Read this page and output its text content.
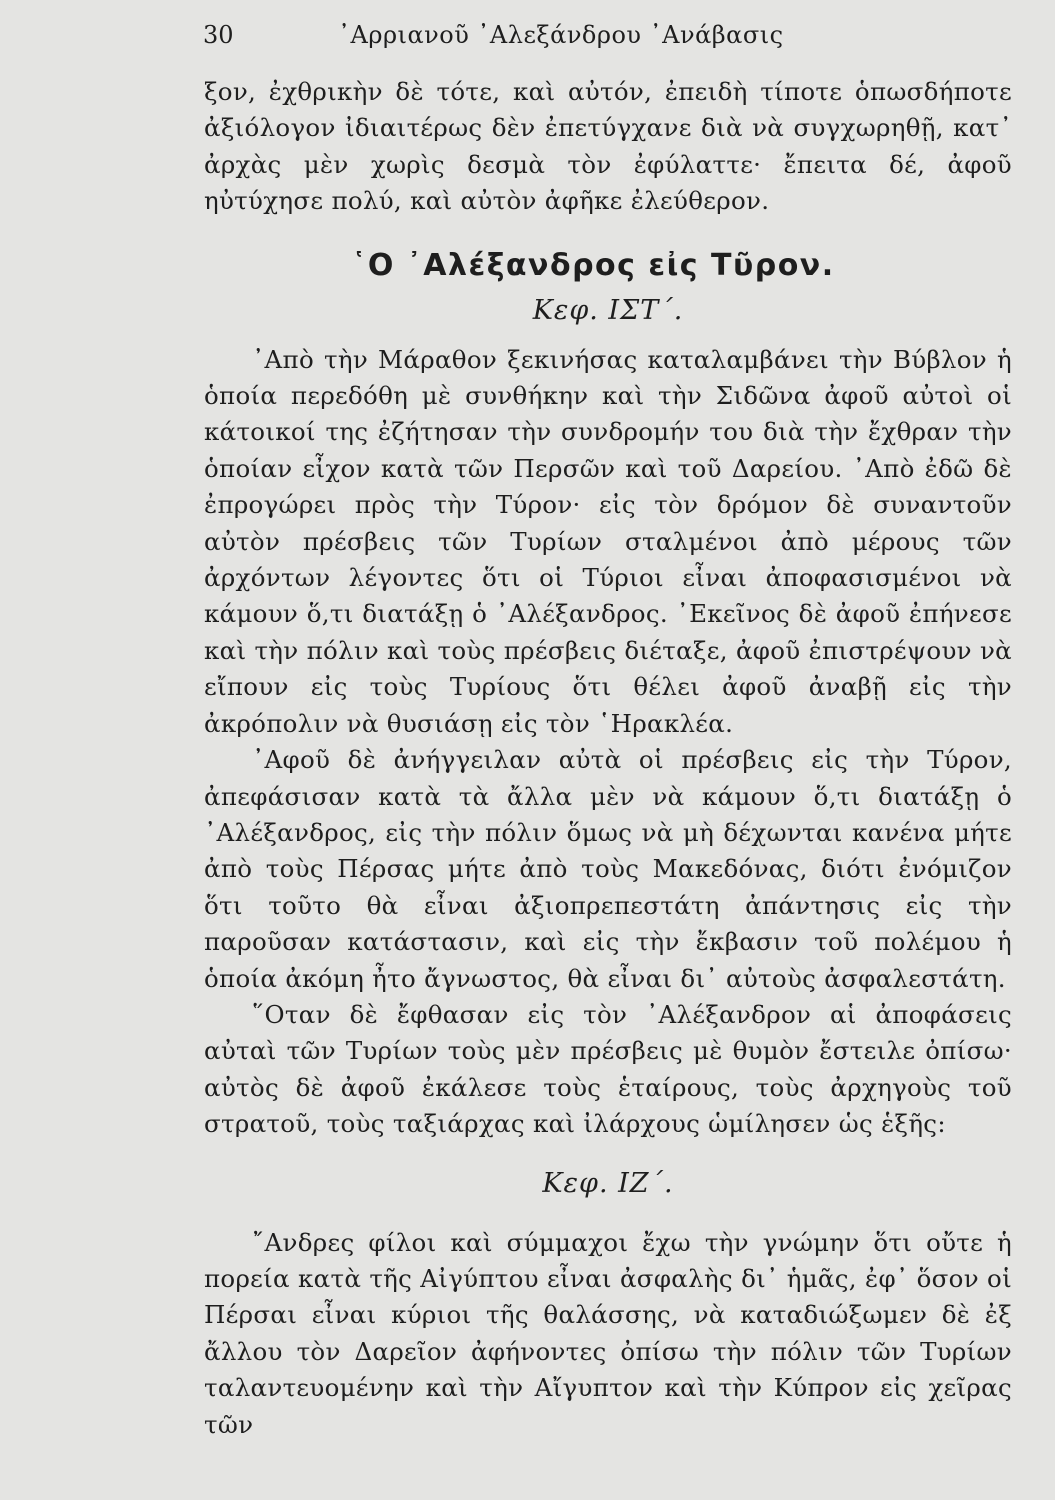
30	᾿Αρριανοῦ ᾿Αλεξάνδρου ᾿Ανάβασις

ξον, ἐχθρικὴν δὲ τότε, καὶ αὐτόν, ἐπειδὴ τίποτε ὁπωσδήποτε ἀξιόλογον ἰδιαιτέρως δὲν ἐπετύγχανε διὰ νὰ συγχωρηθῇ, κατ᾿ ἀρχὰς μὲν χωρὶς δεσμὰ τὸν ἐφύλαττε· ἔπειτα δέ, ἀφοῦ ηὐτύχησε πολύ, καὶ αὐτὸν ἀφῆκε ἐλεύθερον.

῾Ο ᾿Αλέξανδρος εἰς Τῦρον.
Κεφ. ΙΣΤ΄.

᾿Απὸ τὴν Μάραθον ξεκινήσας καταλαμβάνει τὴν Βύβλον ἡ ὁποία περεδόθη μὲ συνθήκην καὶ τὴν Σιδῶνα ἀφοῦ αὐτοὶ οἱ κάτοικοί της ἐζήτησαν τὴν συνδρομήν του διὰ τὴν ἔχθραν τὴν ὁποίαν εἶχον κατὰ τῶν Περσῶν καὶ τοῦ Δαρείου. ᾿Απὸ ἐδῶ δὲ ἐπρογώρει πρὸς τὴν Τύρον· εἰς τὸν δρόμον δὲ συναντοῦν αὐτὸν πρέσβεις τῶν Τυρίων σταλμένοι ἀπὸ μέρους τῶν ἀρχόντων λέγοντες ὅτι οἱ Τύριοι εἶναι ἀποφασισμένοι νὰ κάμουν ὅ,τι διατάξῃ ὁ ᾿Αλέξανδρος. ᾿Εκεῖνος δὲ ἀφοῦ ἐπήνεσε καὶ τὴν πόλιν καὶ τοὺς πρέσβεις διέταξε, ἀφοῦ ἐπιστρέψουν νὰ εἴπουν εἰς τοὺς Τυρίους ὅτι θέλει ἀφοῦ ἀναβῇ εἰς τὴν ἀκρόπολιν νὰ θυσιάσῃ εἰς τὸν ῾Ηρακλέα.

᾿Αφοῦ δὲ ἀνήγγειλαν αὐτὰ οἱ πρέσβεις εἰς τὴν Τύρον, ἀπεφάσισαν κατὰ τὰ ἄλλα μὲν νὰ κάμουν ὅ,τι διατάξῃ ὁ ᾿Αλέξανδρος, εἰς τὴν πόλιν ὅμως νὰ μὴ δέχωνται κανένα μήτε ἀπὸ τοὺς Πέρσας μήτε ἀπὸ τοὺς Μακεδόνας, διότι ἐνόμιζον ὅτι τοῦτο θὰ εἶναι ἀξιοπρεπεστάτη ἀπάντησις εἰς τὴν παροῦσαν κατάστασιν, καὶ εἰς τὴν ἔκβασιν τοῦ πολέμου ἡ ὁποία ἀκόμη ἦτο ἄγνωστος, θὰ εἶναι δι᾿ αὐτοὺς ἀσφαλεστάτη.

῞Οταν δὲ ἔφθασαν εἰς τὸν ᾿Αλέξανδρον αἱ ἀποφάσεις αὐταὶ τῶν Τυρίων τοὺς μὲν πρέσβεις μὲ θυμὸν ἔστειλε ὀπίσω· αὐτὸς δὲ ἀφοῦ ἐκάλεσε τοὺς ἑταίρους, τοὺς ἀρχηγοὺς τοῦ στρατοῦ, τοὺς ταξιάρχας καὶ ἰλάρχους ὡμίλησεν ὡς ἑξῆς:

Κεφ. ΙΖ΄.

῎Ανδρες φίλοι καὶ σύμμαχοι ἔχω τὴν γνώμην ὅτι οὔτε ἡ πορεία κατὰ τῆς Αἰγύπτου εἶναι ἀσφαλὴς δι᾿ ἡμᾶς, ἐφ᾿ ὅσον οἱ Πέρσαι εἶναι κύριοι τῆς θαλάσσης, νὰ καταδιώξωμεν δὲ ἐξ ἄλλου τὸν Δαρεῖον ἀφήνοντες ὀπίσω τὴν πόλιν τῶν Τυρίων ταλαντευομένην καὶ τὴν Αἴγυπτον καὶ τὴν Κύπρον εἰς χεῖρας τῶν
